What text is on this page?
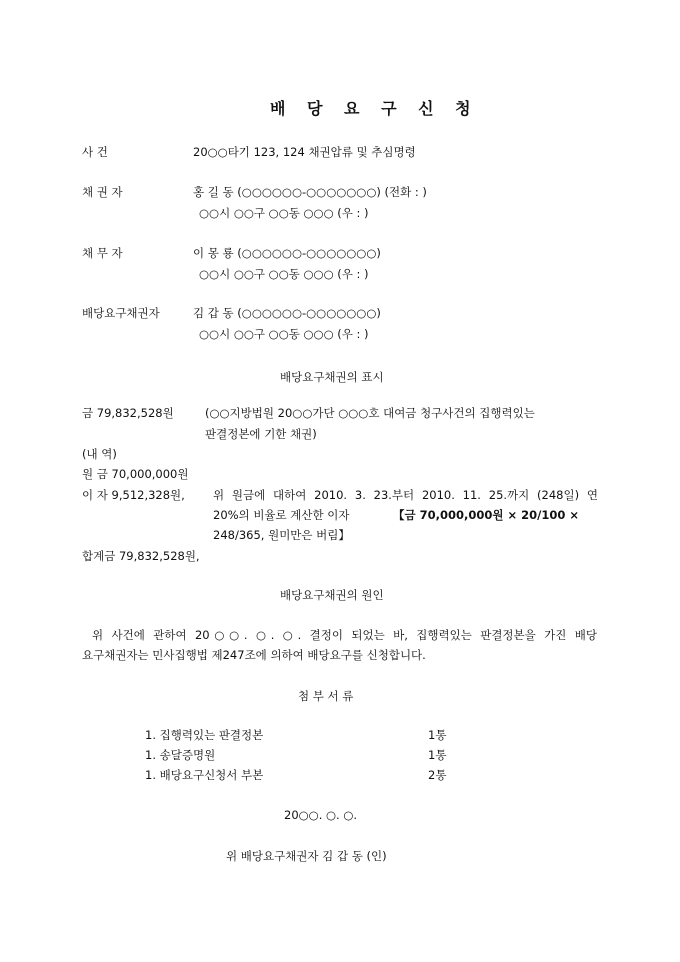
배 당 요 구 신 청
사 건	20○○타기 123, 124 채권압류 및 추심명령
채 권 자	홍 길 동 (○○○○○○-○○○○○○○) (전화 : )
○○시 ○○구 ○○동 ○○○ (우 : )
채 무 자	이 몽 룡 (○○○○○○-○○○○○○○)
○○시 ○○구 ○○동 ○○○ (우 : )
배당요구채권자	김 갑 동 (○○○○○○-○○○○○○○)
○○시 ○○구 ○○동 ○○○ (우 : )
배당요구채권의 표시
금 79,832,528원	(○○지방법원 20○○가단 ○○○호 대여금 청구사건의 집행력있는
판결정본에 기한 채권)
(내 역)
원 금 70,000,000원
이 자 9,512,328원, 위 원금에 대하여 2010. 3. 23.부터 2010. 11. 25.까지 (248일) 연
20%의 비율로 계산한 이자	【금 70,000,000원 × 20/100 ×
248/365, 원미만은 버림】
합계금 79,832,528원,
배당요구채권의 원인
위 사건에 관하여 20○○. ○. ○. 결정이 되었는 바, 집행력있는 판결정본을 가진 배당
요구채권자는 민사집행법 제247조에 의하여 배당요구를 신청합니다.
첨 부 서 류
1. 집행력있는 판결정본	1통
1. 송달증명원	1통
1. 배당요구신청서 부본	2통
20○○. ○. ○.
위 배당요구채권자 김 갑 동 (인)
